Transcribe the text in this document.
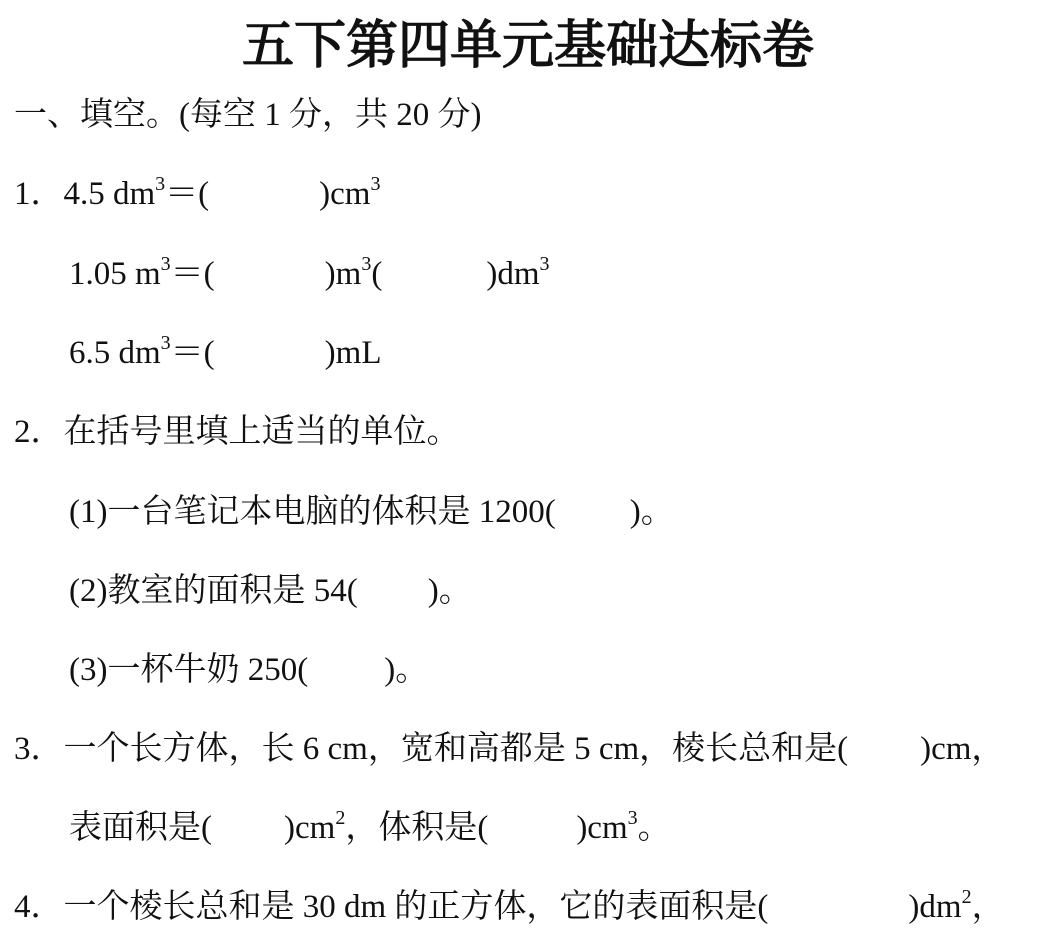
五下第四单元基础达标卷
一、填空。(每空 1 分，共 20 分)
1．4.5 $dm^3=$(	)$cm^3$
1.05 $m^3=$(	)$m^3$(	)$dm^3$
6.5 $dm^3=$(	)mL
2．在括号里填上适当的单位。
(1)一台笔记本电脑的体积是 1200( )。
(2)教室的面积是 54( )。
(3)一杯牛奶 250( )。
3．一个长方体，长 6 cm，宽和高都是 5 cm，棱长总和是( )cm，
表面积是( )$cm^2$，体积是(	)$cm^3$。
4．一个棱长总和是 30 dm 的正方体，它的表面积是(	)$dm^2$，
